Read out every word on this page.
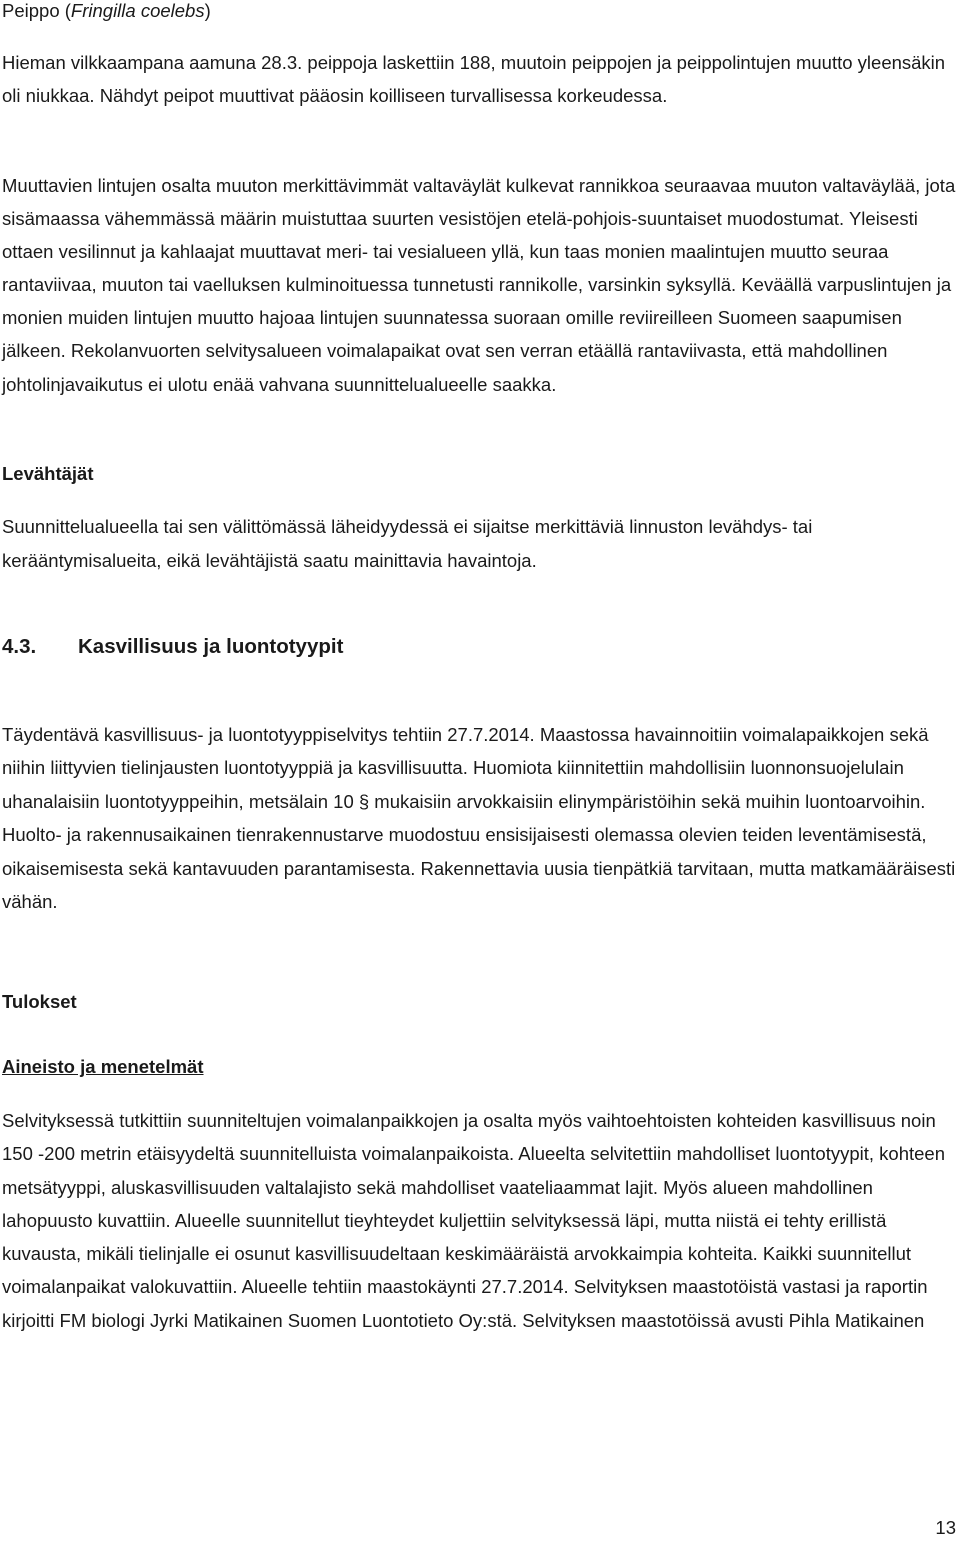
Peippo (Fringilla coelebs)

Hieman vilkkaampana aamuna 28.3. peippoja laskettiin 188, muutoin peippojen ja peippolintujen muutto yleensäkin oli niukkaa. Nähdyt peipot muuttivat pääosin koilliseen turvallisessa korkeudessa.

Muuttavien lintujen osalta muuton merkittävimmät valtaväylät kulkevat rannikkoa seuraavaa muuton valtaväylää, jota sisämaassa vähemmässä määrin muistuttaa suurten vesistöjen etelä-pohjois-suuntaiset muodostumat. Yleisesti ottaen vesilinnut ja kahlaajat muuttavat meri- tai vesialueen yllä, kun taas monien maalintujen muutto seuraa rantaviivaa, muuton tai vaelluksen kulminoituessa tunnetusti rannikolle, varsinkin syksyllä. Keväällä varpuslintujen ja monien muiden lintujen muutto hajoaa lintujen suunnatessa suoraan omille reviireilleen Suomeen saapumisen jälkeen. Rekolanvuorten selvitysalueen voimalapaikat ovat sen verran etäällä rantaviivasta, että mahdollinen johtolinjavaikutus ei ulotu enää vahvana suunnittelualueelle saakka.

Levähtäjät

Suunnittelualueella tai sen välittömässä läheidyydessä ei sijaitse merkittäviä linnuston levähdys- tai kerääntymisalueita, eikä levähtäjistä saatu mainittavia havaintoja.

4.3. Kasvillisuus ja luontotyypit

Täydentävä kasvillisuus- ja luontotyyppiselvitys tehtiin 27.7.2014. Maastossa havainnoitiin voimalapaikkojen sekä niihin liittyvien tielinjausten luontotyyppiä ja kasvillisuutta. Huomiota kiinnitettiin mahdollisiin luonnonsuojelulain uhanalaisiin luontotyyppeihin, metsälain 10 § mukaisiin arvokkaisiin elinympäristöihin sekä muihin luontoarvoihin. Huolto- ja rakennusaikainen tienrakennustarve muodostuu ensisijaisesti olemassa olevien teiden leventämisestä, oikaisemisesta sekä kantavuuden parantamisesta. Rakennettavia uusia tienpätkiä tarvitaan, mutta matkamääräisesti vähän.

Tulokset

Aineisto ja menetelmät

Selvityksessä tutkittiin suunniteltujen voimalanpaikkojen ja osalta myös vaihtoehtoisten kohteiden kasvillisuus noin 150 -200 metrin etäisyydeltä suunnitelluista voimalanpaikoista. Alueelta selvitettiin mahdolliset luontotyypit, kohteen metsätyyppi, aluskasvillisuuden valtalajisto sekä mahdolliset vaateliaammat lajit. Myös alueen mahdollinen lahopuusto kuvattiin. Alueelle suunnitellut tieyhteydet kuljettiin selvityksessä läpi, mutta niistä ei tehty erillistä kuvausta, mikäli tielinjalle ei osunut kasvillisuudeltaan keskimääräistä arvokkaimpia kohteita. Kaikki suunnitellut voimalanpaikat valokuvattiin. Alueelle tehtiin maastokäynti 27.7.2014. Selvityksen maastotöistä vastasi ja raportin kirjoitti FM biologi Jyrki Matikainen Suomen Luontotieto Oy:stä. Selvityksen maastotöissä avusti Pihla Matikainen

13
